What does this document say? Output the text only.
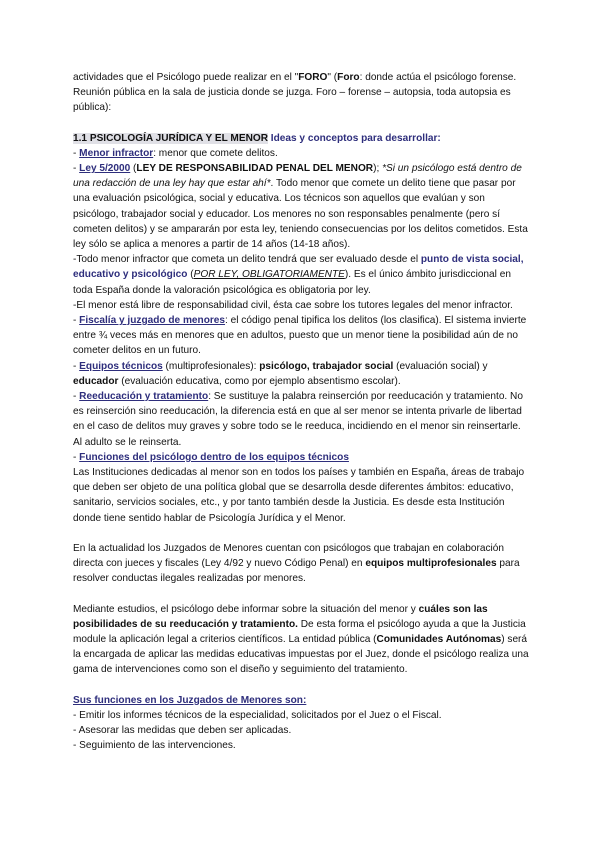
actividades que el Psicólogo puede realizar en el "FORO" (Foro: donde actúa el psicólogo forense. Reunión pública en la sala de justicia donde se juzga. Foro – forense – autopsia, toda autopsia es pública):

1.1 PSICOLOGÍA JURÍDICA Y EL MENOR Ideas y conceptos para desarrollar:

- Menor infractor: menor que comete delitos.

- Ley 5/2000 (LEY DE RESPONSABILIDAD PENAL DEL MENOR); *Si un psicólogo está dentro de una redacción de una ley hay que estar ahí*. Todo menor que comete un delito tiene que pasar por una evaluación psicológica, social y educativa. Los técnicos son aquellos que evalúan y son psicólogo, trabajador social y educador. Los menores no son responsables penalmente (pero sí cometen delitos) y se ampararán por esta ley, teniendo consecuencias por los delitos cometidos. Esta ley sólo se aplica a menores a partir de 14 años (14-18 años).

-Todo menor infractor que cometa un delito tendrá que ser evaluado desde el punto de vista social, educativo y psicológico (POR LEY, OBLIGATORIAMENTE). Es el único ámbito jurisdiccional en toda España donde la valoración psicológica es obligatoria por ley.

-El menor está libre de responsabilidad civil, ésta cae sobre los tutores legales del menor infractor.

- Fiscalía y juzgado de menores: el código penal tipifica los delitos (los clasifica). El sistema invierte entre ¾ veces más en menores que en adultos, puesto que un menor tiene la posibilidad aún de no cometer delitos en un futuro.

- Equipos técnicos (multiprofesionales): psicólogo, trabajador social (evaluación social) y educador (evaluación educativa, como por ejemplo absentismo escolar).

- Reeducación y tratamiento: Se sustituye la palabra reinserción por reeducación y tratamiento. No es reinserción sino reeducación, la diferencia está en que al ser menor se intenta privarle de libertad en el caso de delitos muy graves y sobre todo se le reeduca, incidiendo en el menor sin reinsertarle. Al adulto se le reinserta.

- Funciones del psicólogo dentro de los equipos técnicos

Las Instituciones dedicadas al menor son en todos los países y también en España, áreas de trabajo que deben ser objeto de una política global que se desarrolla desde diferentes ámbitos: educativo, sanitario, servicios sociales, etc., y por tanto también desde la Justicia. Es desde esta Institución donde tiene sentido hablar de Psicología Jurídica y el Menor.

En la actualidad los Juzgados de Menores cuentan con psicólogos que trabajan en colaboración directa con jueces y fiscales (Ley 4/92 y nuevo Código Penal) en equipos multiprofesionales para resolver conductas ilegales realizadas por menores.

Mediante estudios, el psicólogo debe informar sobre la situación del menor y cuáles son las posibilidades de su reeducación y tratamiento. De esta forma el psicólogo ayuda a que la Justicia module la aplicación legal a criterios científicos. La entidad pública (Comunidades Autónomas) será la encargada de aplicar las medidas educativas impuestas por el Juez, donde el psicólogo realiza una gama de intervenciones como son el diseño y seguimiento del tratamiento.

Sus funciones en los Juzgados de Menores son:

- Emitir los informes técnicos de la especialidad, solicitados por el Juez o el Fiscal.

- Asesorar las medidas que deben ser aplicadas.

- Seguimiento de las intervenciones.
